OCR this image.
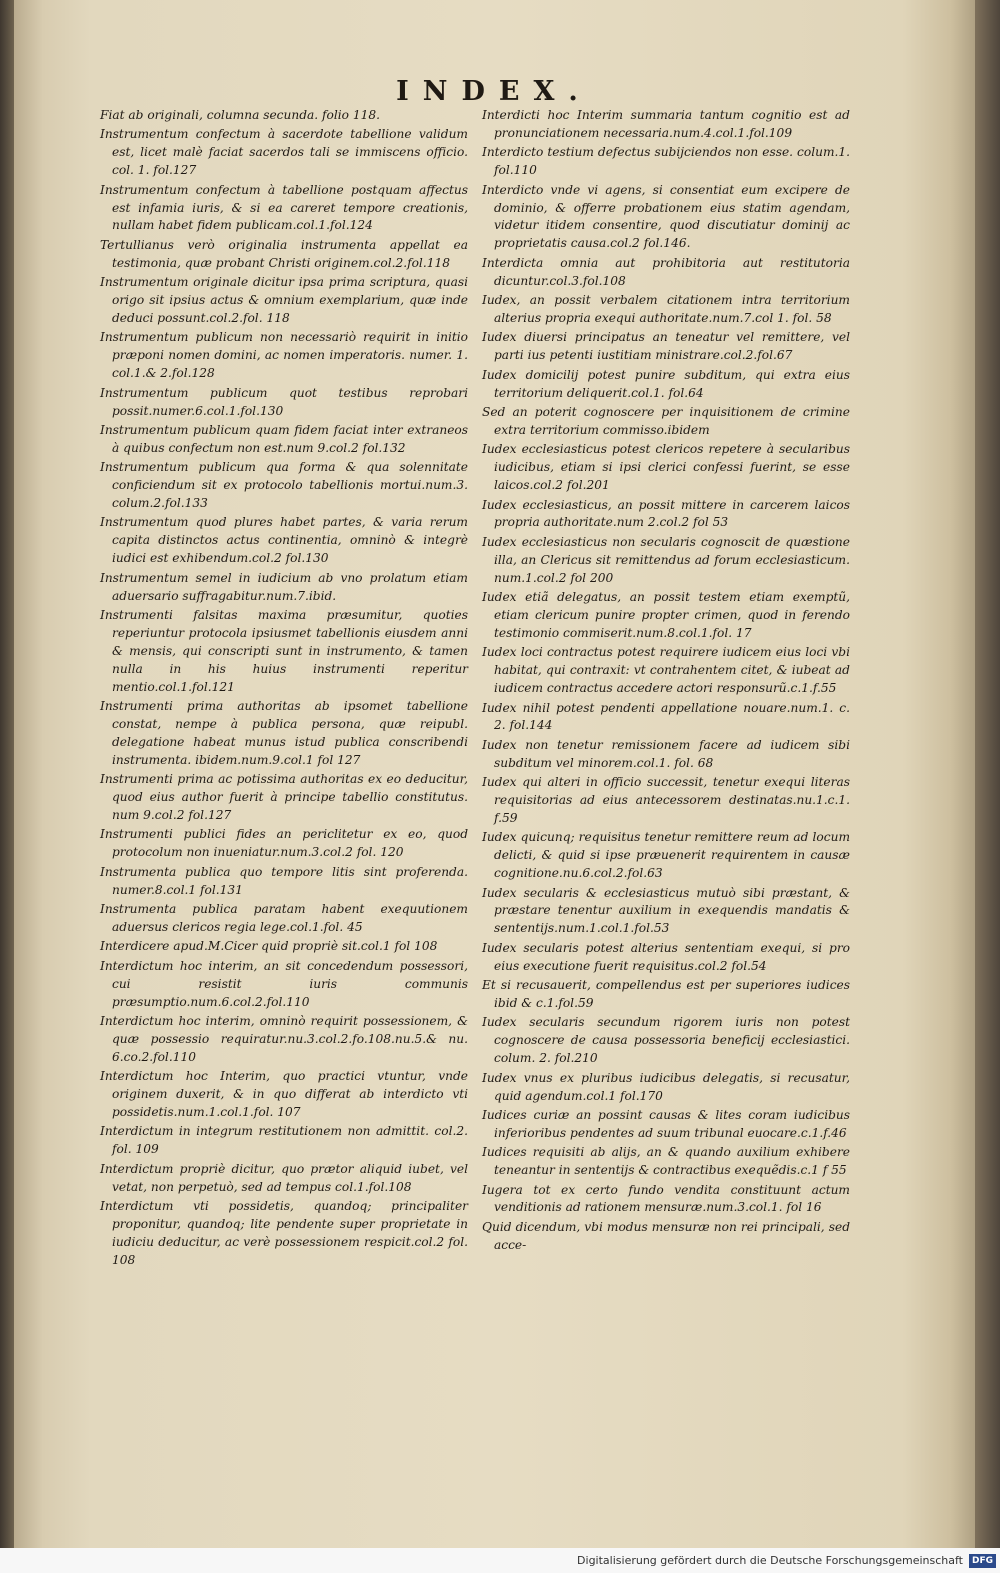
INDEX.

Fiat ab originali, columna secunda. folio 118.

Instrumentum confectum à sacerdote tabellione validum est, licet malè faciat sacerdos tali se immiscens officio. col. 1. fol.127

Instrumentum confectum à tabellione postquam affectus est infamia iuris, & si ea careret tempore creationis, nullam habet fidem publicam.col.1.fol.124

Tertullianus verò originalia instrumenta appellat ea testimonia, quæ probant Christi originem.col.2.fol.118

Instrumentum originale dicitur ipsa prima scriptura, quasi origo sit ipsius actus & omnium exemplarium, quæ inde deduci possunt.col.2.fol. 118

Instrumentum publicum non necessariò requirit in initio præponi nomen domini, ac nomen imperatoris. numer. 1. col.1.& 2.fol.128

Instrumentum publicum quot testibus reprobari possit.numer.6.col.1.fol.130

Instrumentum publicum quam fidem faciat inter extraneos à quibus confectum non est.num 9.col.2 fol.132

Instrumentum publicum qua forma & qua solennitate conficiendum sit ex protocolo tabellionis mortui.num.3. colum.2.fol.133

Instrumentum quod plures habet partes, & varia rerum capita distinctos actus continentia, omninò & integrè iudici est exhibendum.col.2 fol.130

Instrumentum semel in iudicium ab vno prolatum etiam aduersario suffragabitur.num.7.ibid.

Instrumenti falsitas maxima præsumitur, quoties reperiuntur protocola ipsiusmet tabellionis eiusdem anni & mensis, qui conscripti sunt in instrumento, & tamen nulla in his huius instrumenti reperitur mentio.col.1.fol.121

Instrumenti prima authoritas ab ipsomet tabellione constat, nempe à publica persona, quæ reipubl. delegatione habeat munus istud publica conscribendi instrumenta. ibidem.num.9.col.1 fol 127

Instrumenti prima ac potissima authoritas ex eo deducitur, quod eius author fuerit à principe tabellio constitutus. num 9.col.2 fol.127

Instrumenti publici fides an periclitetur ex eo, quod protocolum non inueniatur.num.3.col.2 fol. 120

Instrumenta publica quo tempore litis sint proferenda. numer.8.col.1 fol.131

Instrumenta publica paratam habent exequutionem aduersus clericos regia lege.col.1.fol. 45

Interdicere apud.M.Cicer quid propriè sit.col.1 fol 108

Interdictum hoc interim, an sit concedendum possessori, cui resistit iuris communis præsumptio.num.6.col.2.fol.110

Interdictum hoc interim, omninò requirit possessionem, & quæ possessio requiratur.nu.3.col.2.fo.108.nu.5.& nu. 6.co.2.fol.110

Interdictum hoc Interim, quo practici vtuntur, vnde originem duxerit, & in quo differat ab interdicto vti possidetis.num.1.col.1.fol. 107

Interdictum in integrum restitutionem non admittit. col.2. fol. 109

Interdictum propriè dicitur, quo prætor aliquid iubet, vel vetat, non perpetuò, sed ad tempus col.1.fol.108

Interdictum vti possidetis, quandoq; principaliter proponitur, quandoq; lite pendente super proprietate in iudiciu deducitur, ac verè possessionem respicit.col.2 fol. 108

Interdicti hoc Interim summaria tantum cognitio est ad pronunciationem necessaria.num.4.col.1.fol.109

Interdicto testium defectus subijciendos non esse. colum.1. fol.110

Interdicto vnde vi agens, si consentiat eum excipere de dominio, & offerre probationem eius statim agendam, videtur itidem consentire, quod discutiatur dominij ac proprietatis causa.col.2 fol.146.

Interdicta omnia aut prohibitoria aut restitutoria dicuntur.col.3.fol.108

Iudex, an possit verbalem citationem intra territorium alterius propria exequi authoritate.num.7.col 1. fol. 58

Iudex diuersi principatus an teneatur vel remittere, vel parti ius petenti iustitiam ministrare.col.2.fol.67

Iudex domicilij potest punire subditum, qui extra eius territorium deliquerit.col.1. fol.64

Sed an poterit cognoscere per inquisitionem de crimine extra territorium commisso.ibidem

Iudex ecclesiasticus potest clericos repetere à secularibus iudicibus, etiam si ipsi clerici confessi fuerint, se esse laicos.col.2 fol.201

Iudex ecclesiasticus, an possit mittere in carcerem laicos propria authoritate.num 2.col.2 fol 53

Iudex ecclesiasticus non secularis cognoscit de quæstione illa, an Clericus sit remittendus ad forum ecclesiasticum. num.1.col.2 fol 200

Iudex etiã delegatus, an possit testem etiam exemptũ, etiam clericum punire propter crimen, quod in ferendo testimonio commiserit.num.8.col.1.fol. 17

Iudex loci contractus potest requirere iudicem eius loci vbi habitat, qui contraxit: vt contrahentem citet, & iubeat ad iudicem contractus accedere actori responsurũ.c.1.f.55

Iudex nihil potest pendenti appellatione nouare.num.1. c. 2. fol.144

Iudex non tenetur remissionem facere ad iudicem sibi subditum vel minorem.col.1. fol. 68

Iudex qui alteri in officio successit, tenetur exequi literas requisitorias ad eius antecessorem destinatas.nu.1.c.1. f.59

Iudex quicunq; requisitus tenetur remittere reum ad locum delicti, & quid si ipse præuenerit requirentem in causæ cognitione.nu.6.col.2.fol.63

Iudex secularis & ecclesiasticus mutuò sibi præstant, & præstare tenentur auxilium in exequendis mandatis & sententijs.num.1.col.1.fol.53

Iudex secularis potest alterius sententiam exequi, si pro eius executione fuerit requisitus.col.2 fol.54

Et si recusauerit, compellendus est per superiores iudices ibid & c.1.fol.59

Iudex secularis secundum rigorem iuris non potest cognoscere de causa possessoria beneficij ecclesiastici. colum. 2. fol.210

Iudex vnus ex pluribus iudicibus delegatis, si recusatur, quid agendum.col.1 fol.170

Iudices curiæ an possint causas & lites coram iudicibus inferioribus pendentes ad suum tribunal euocare.c.1.f.46

Iudices requisiti ab alijs, an & quando auxilium exhibere teneantur in sententijs & contractibus exequẽdis.c.1 f 55

Iugera tot ex certo fundo vendita constituunt actum venditionis ad rationem mensuræ.num.3.col.1. fol 16

Quid dicendum, vbi modus mensuræ non rei principali, sed acce-

Digitalisierung gefördert durch die Deutsche Forschungsgemeinschaft DFG
